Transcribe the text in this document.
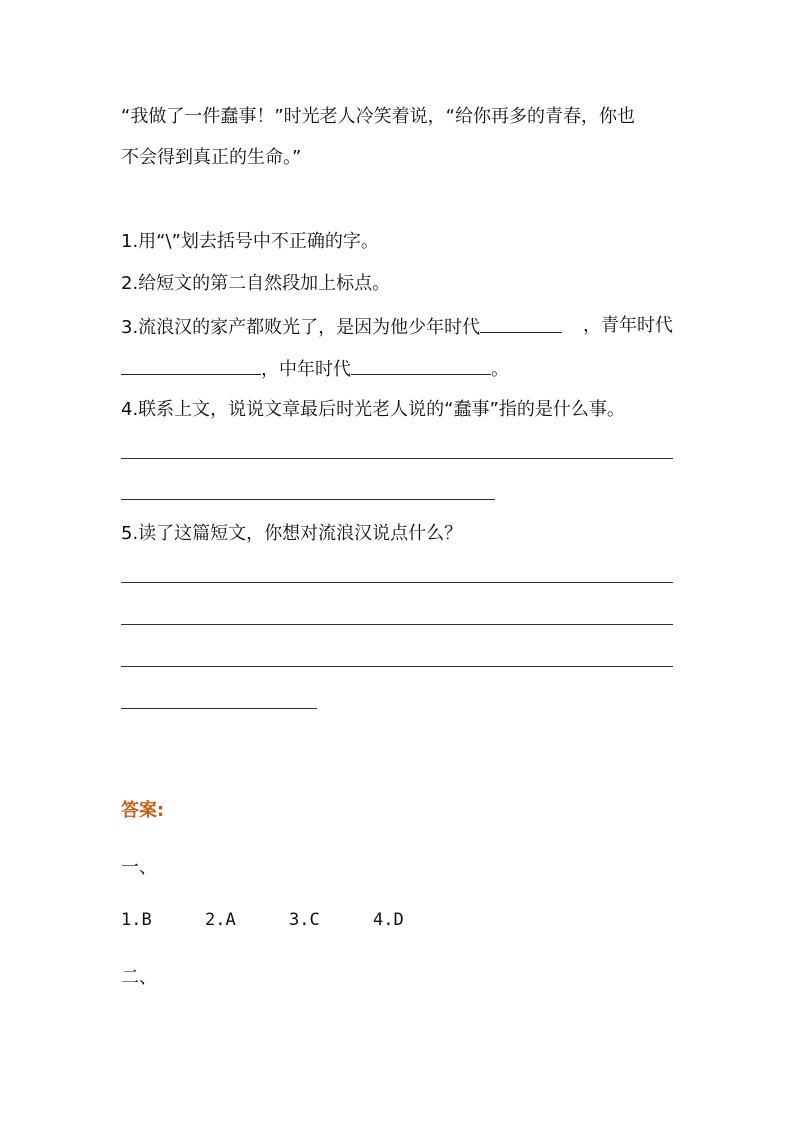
“我做了一件蠢事！”时光老人冷笑着说，“给你再多的青春，你也
不会得到真正的生命。”
1.用“\”划去括号中不正确的字。
2.给短文的第二自然段加上标点。
3.流浪汉的家产都败光了，是因为他少年时代	，青年时代
，中年时代	。
4.联系上文，说说文章最后时光老人说的“蠢事”指的是什么事。
5.读了这篇短文，你想对流浪汉说点什么？
答案:
一、
1.B	2.A	3.C	4.D
二、
